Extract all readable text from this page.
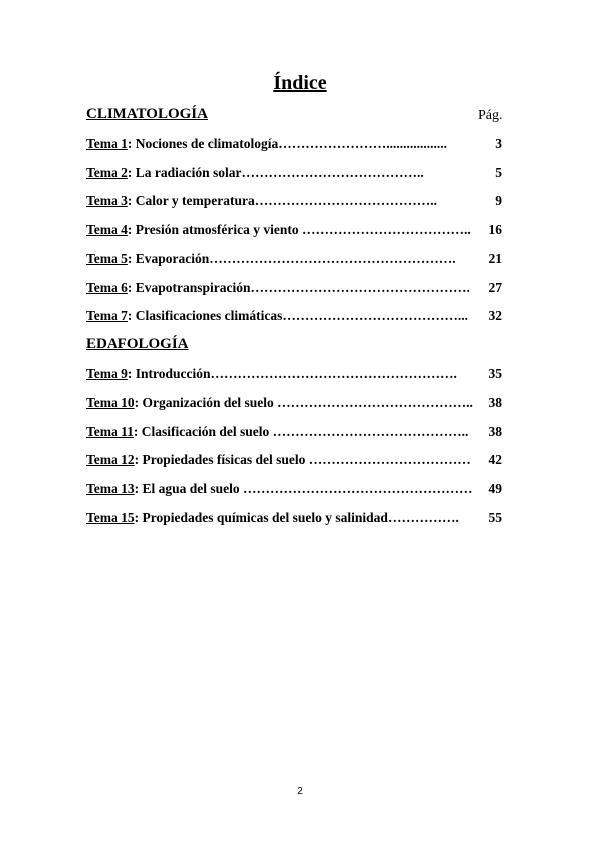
Índice
CLIMATOLOGÍA	Pág.
Tema 1: Nociones de climatología……………………..................	3
Tema 2: La radiación solar…………………………………..	5
Tema 3: Calor y temperatura…………………………………..	9
Tema 4: Presión atmosférica y viento ……………………………….. 16
Tema 5: Evaporación………………………………………………. 21
Tema 6: Evapotranspiración…………………………………………. 27
Tema 7: Clasificaciones climáticas…………………………………... 32
EDAFOLOGÍA
Tema 9: Introducción………………………………………………. 35
Tema 10: Organización del suelo …………………………………….. 38
Tema 11: Clasificación del suelo …………………………………….. 38
Tema 12: Propiedades físicas del suelo ……………………………… 42
Tema 13: El agua del suelo …………………………………………… 49
Tema 15: Propiedades químicas del suelo y salinidad……………. 55
2
